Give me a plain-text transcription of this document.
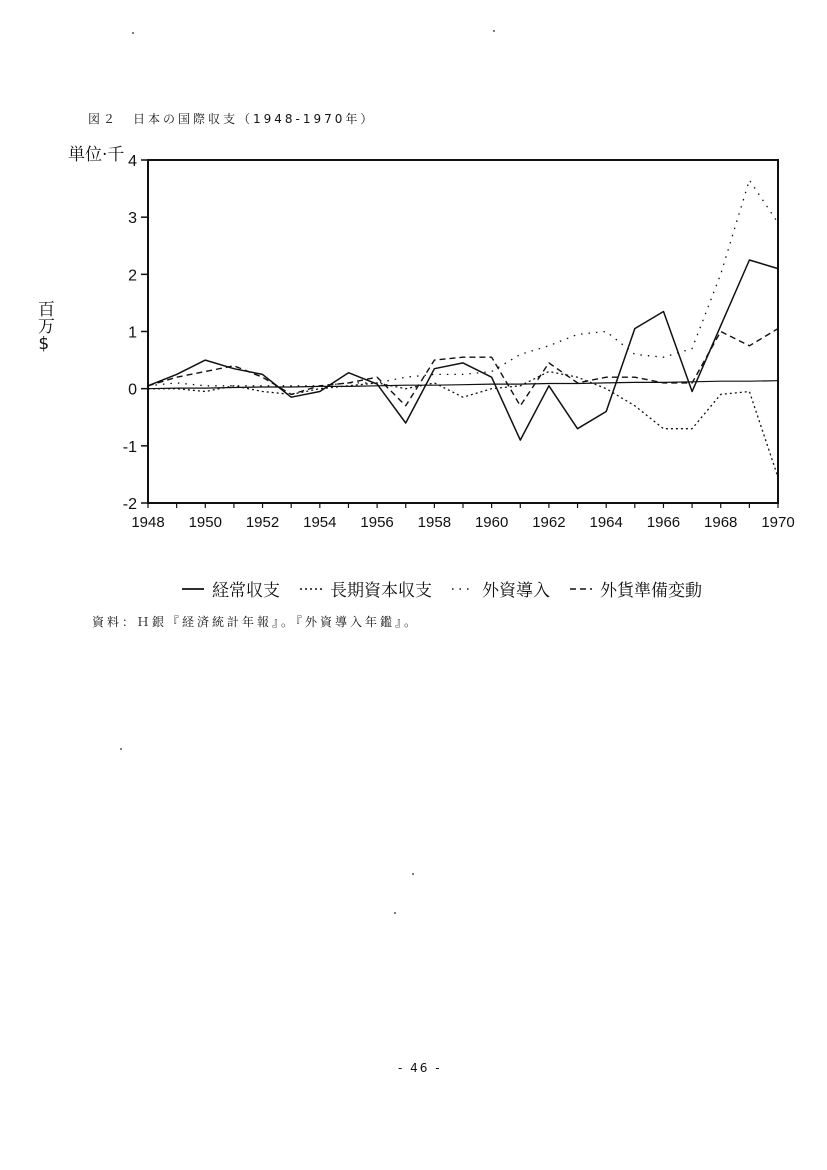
図２　日本の国際収支（1948-1970年）
単位·千
百万$
4
3
2
1
0
-1
-2
1948 1950 1952 1954 1956 1958 1960 1962 1964 1966 1968 1970
経常収支	長期資本収支	外資導入	外貨準備変動
資料：Ｈ銀『経済統計年報』。『外資導入年鑑』。
- 46 -
